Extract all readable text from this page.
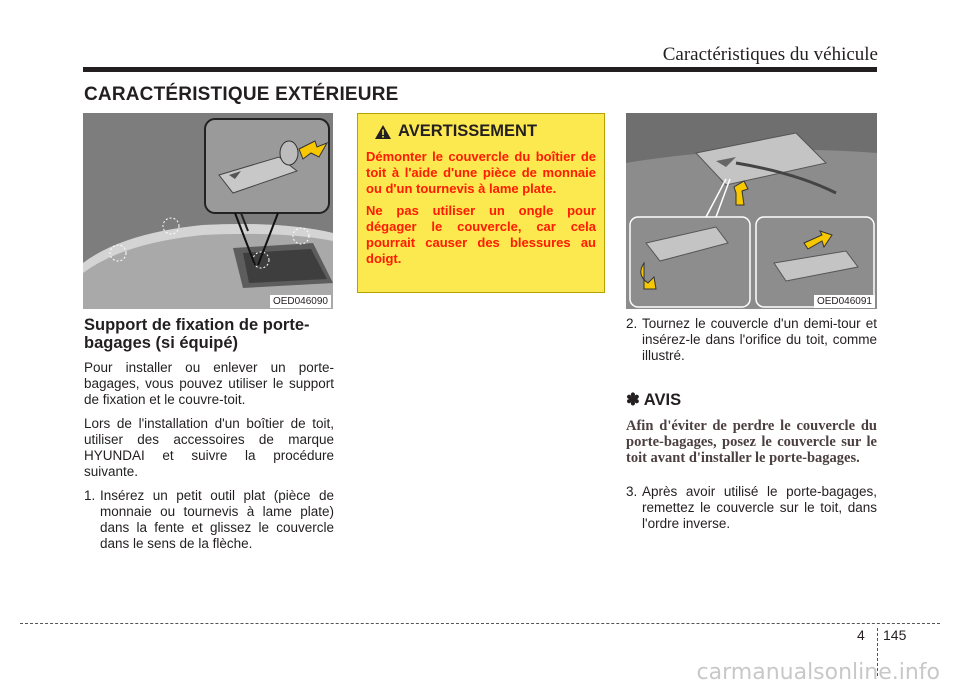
Caractéristiques du véhicule
CARACTÉRISTIQUE EXTÉRIEURE
OED046090
AVERTISSEMENT

Démonter le couvercle du boîtier de toit à l'aide d'une pièce de monnaie ou d'un tournevis à lame plate.

Ne pas utiliser un ongle pour dégager le couvercle, car cela pourrait causer des blessures au doigt.

OED046091
Support de fixation de porte-bagages (si équipé)

Pour installer ou enlever un porte-bagages, vous pouvez utiliser le support de fixation et le couvre-toit.

Lors de l'installation d'un boîtier de toit, utiliser des accessoires de marque HYUNDAI et suivre la procédure suivante.

1. Insérez un petit outil plat (pièce de monnaie ou tournevis à lame plate) dans la fente et glissez le couvercle dans le sens de la flèche.
2. Tournez le couvercle d'un demi-tour et insérez-le dans l'orifice du toit, comme illustré.
✽ AVIS
Afin d'éviter de perdre le couvercle du porte-bagages, posez le couvercle sur le toit avant d'installer le porte-bagages.
3. Après avoir utilisé le porte-bagages, remettez le couvercle sur le toit, dans l'ordre inverse.
4 145
carmanualsonline.info
